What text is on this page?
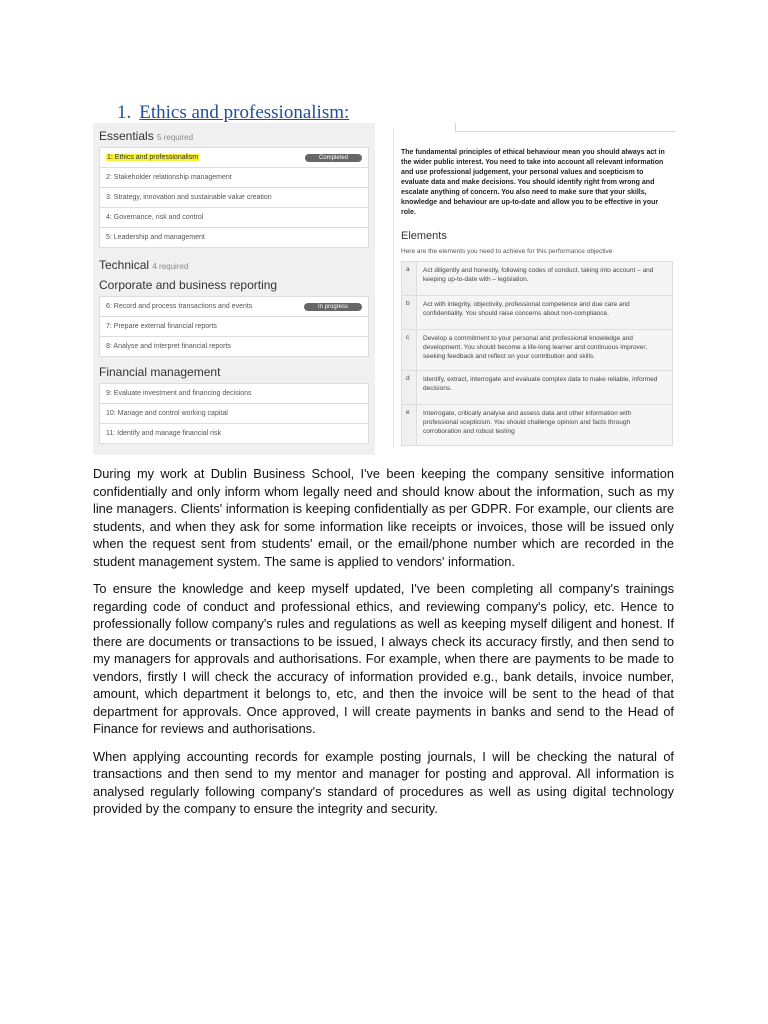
1. Ethics and professionalism:
Essentials 5 required
1: Ethics and professionalism	Completed
2: Stakeholder relationship management
3: Strategy, innovation and sustainable value creation
4: Governance, risk and control
5: Leadership and management
Technical 4 required
Corporate and business reporting
6: Record and process transactions and events	In progress
7: Prepare external financial reports
8: Analyse and interpret financial reports
Financial management
9: Evaluate investment and financing decisions
10: Manage and control working capital
11: Identify and manage financial risk
The fundamental principles of ethical behaviour mean you should always act in the wider public interest. You need to take into account all relevant information and use professional judgement, your personal values and scepticism to evaluate data and make decisions. You should identify right from wrong and escalate anything of concern. You also need to make sure that your skills, knowledge and behaviour are up-to-date and allow you to be effective in your role.
Elements
Here are the elements you need to achieve for this performance objective
a	Act diligently and honestly, following codes of conduct, taking into account – and keeping up-to-date with – legislation.
b	Act with integrity, objectivity, professional competence and due care and confidentiality. You should raise concerns about non-compliance.
c	Develop a commitment to your personal and professional knowledge and development. You should become a life-long learner and continuous improver, seeking feedback and reflect on your contribution and skills.
d	Identify, extract, interrogate and evaluate complex data to make reliable, informed decisions.
e	Interrogate, critically analyse and assess data and other information with professional scepticism. You should challenge opinion and facts through corroboration and robust testing

During my work at Dublin Business School, I've been keeping the company sensitive information confidentially and only inform whom legally need and should know about the information, such as my line managers. Clients' information is keeping confidentially as per GDPR. For example, our clients are students, and when they ask for some information like receipts or invoices, those will be issued only when the request sent from students' email, or the email/phone number which are recorded in the student management system. The same is applied to vendors' information.

To ensure the knowledge and keep myself updated, I've been completing all company's trainings regarding code of conduct and professional ethics, and reviewing company's policy, etc. Hence to professionally follow company's rules and regulations as well as keeping myself diligent and honest. If there are documents or transactions to be issued, I always check its accuracy firstly, and then send to my managers for approvals and authorisations. For example, when there are payments to be made to vendors, firstly I will check the accuracy of information provided e.g., bank details, invoice number, amount, which department it belongs to, etc, and then the invoice will be sent to the head of that department for approvals. Once approved, I will create payments in banks and send to the Head of Finance for reviews and authorisations.

When applying accounting records for example posting journals, I will be checking the natural of transactions and then send to my mentor and manager for posting and approval. All information is analysed regularly following company's standard of procedures as well as using digital technology provided by the company to ensure the integrity and security.
